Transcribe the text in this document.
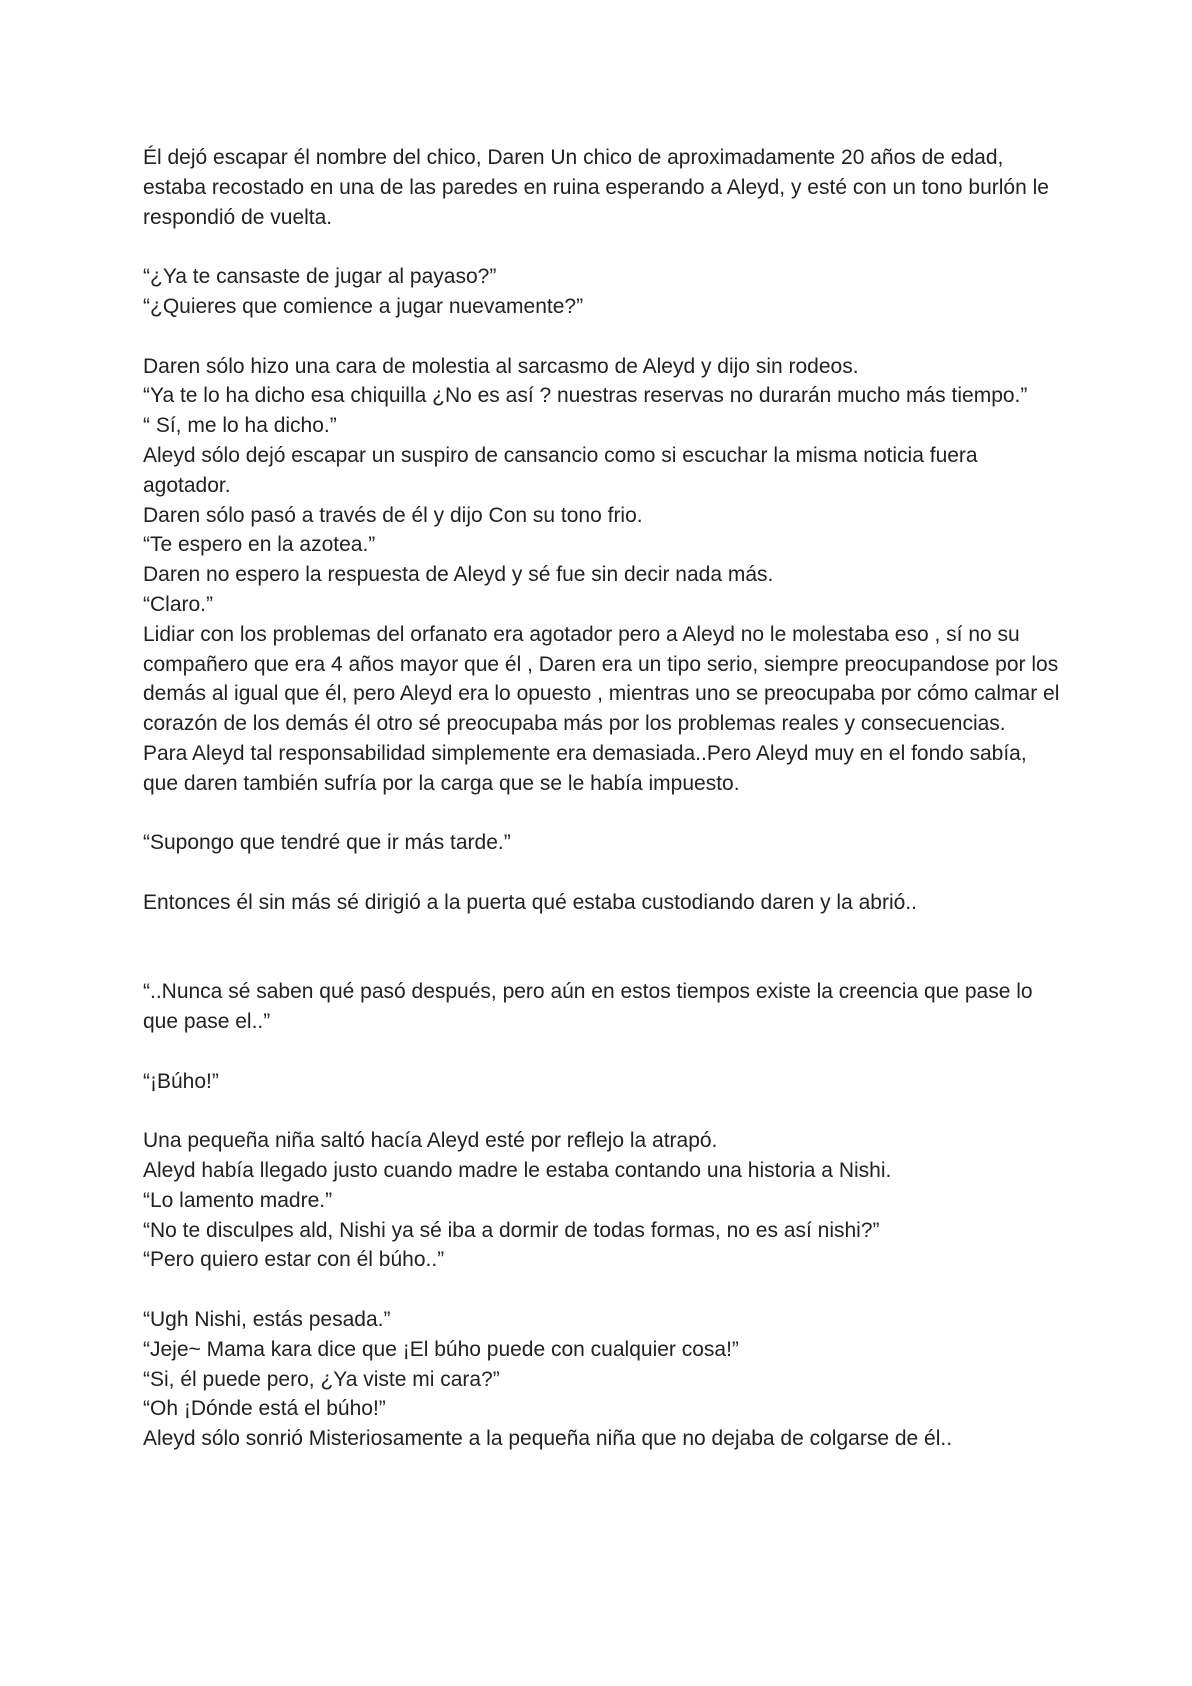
Él dejó escapar él nombre del chico, Daren Un chico de aproximadamente 20 años de edad, estaba recostado en una de las paredes en ruina esperando a Aleyd, y esté con un tono burlón le respondió de vuelta.

“¿Ya te cansaste de jugar al payaso?”

“¿Quieres que comience a jugar nuevamente?”

Daren sólo hizo una cara de molestia al sarcasmo de Aleyd y dijo sin rodeos.

“Ya te lo ha dicho esa chiquilla ¿No es así ? nuestras reservas no durarán mucho más tiempo.”

“ Sí, me lo ha dicho.”

Aleyd sólo dejó escapar un suspiro de cansancio como si escuchar la misma noticia fuera agotador.

Daren sólo pasó a través de él y dijo Con su tono frio.

“Te espero en la azotea.”

Daren no espero la respuesta de Aleyd y sé fue sin decir nada más.

“Claro.”

Lidiar con los problemas del orfanato era agotador pero a Aleyd no le molestaba eso , sí no su compañero que era 4 años mayor que él , Daren era un tipo serio, siempre preocupandose por los demás al igual que él, pero Aleyd era lo opuesto , mientras uno se preocupaba por cómo calmar el corazón de los demás él otro sé preocupaba más por los problemas reales y consecuencias.

Para Aleyd tal responsabilidad simplemente era demasiada..Pero Aleyd muy en el fondo sabía, que daren también sufría por la carga que se le había impuesto.

“Supongo que tendré que ir más tarde.”

Entonces él sin más sé dirigió a la puerta qué estaba custodiando daren y la abrió..

“..Nunca sé saben qué pasó después, pero aún en estos tiempos existe la creencia que pase lo que pase el..”

“¡Búho!”

Una pequeña niña saltó hacía Aleyd esté por reflejo la atrapó.

Aleyd había llegado justo cuando madre le estaba contando una historia a Nishi.

“Lo lamento madre.”

“No te disculpes ald, Nishi ya sé iba a dormir de todas formas, no es así nishi?”

“Pero quiero estar con él búho..”

“Ugh Nishi, estás pesada.”

“Jeje~ Mama kara dice que ¡El búho puede con cualquier cosa!”

“Si, él puede pero, ¿Ya viste mi cara?”

“Oh ¡Dónde está el búho!”

Aleyd sólo sonrió Misteriosamente a la pequeña niña que no dejaba de colgarse de él..
